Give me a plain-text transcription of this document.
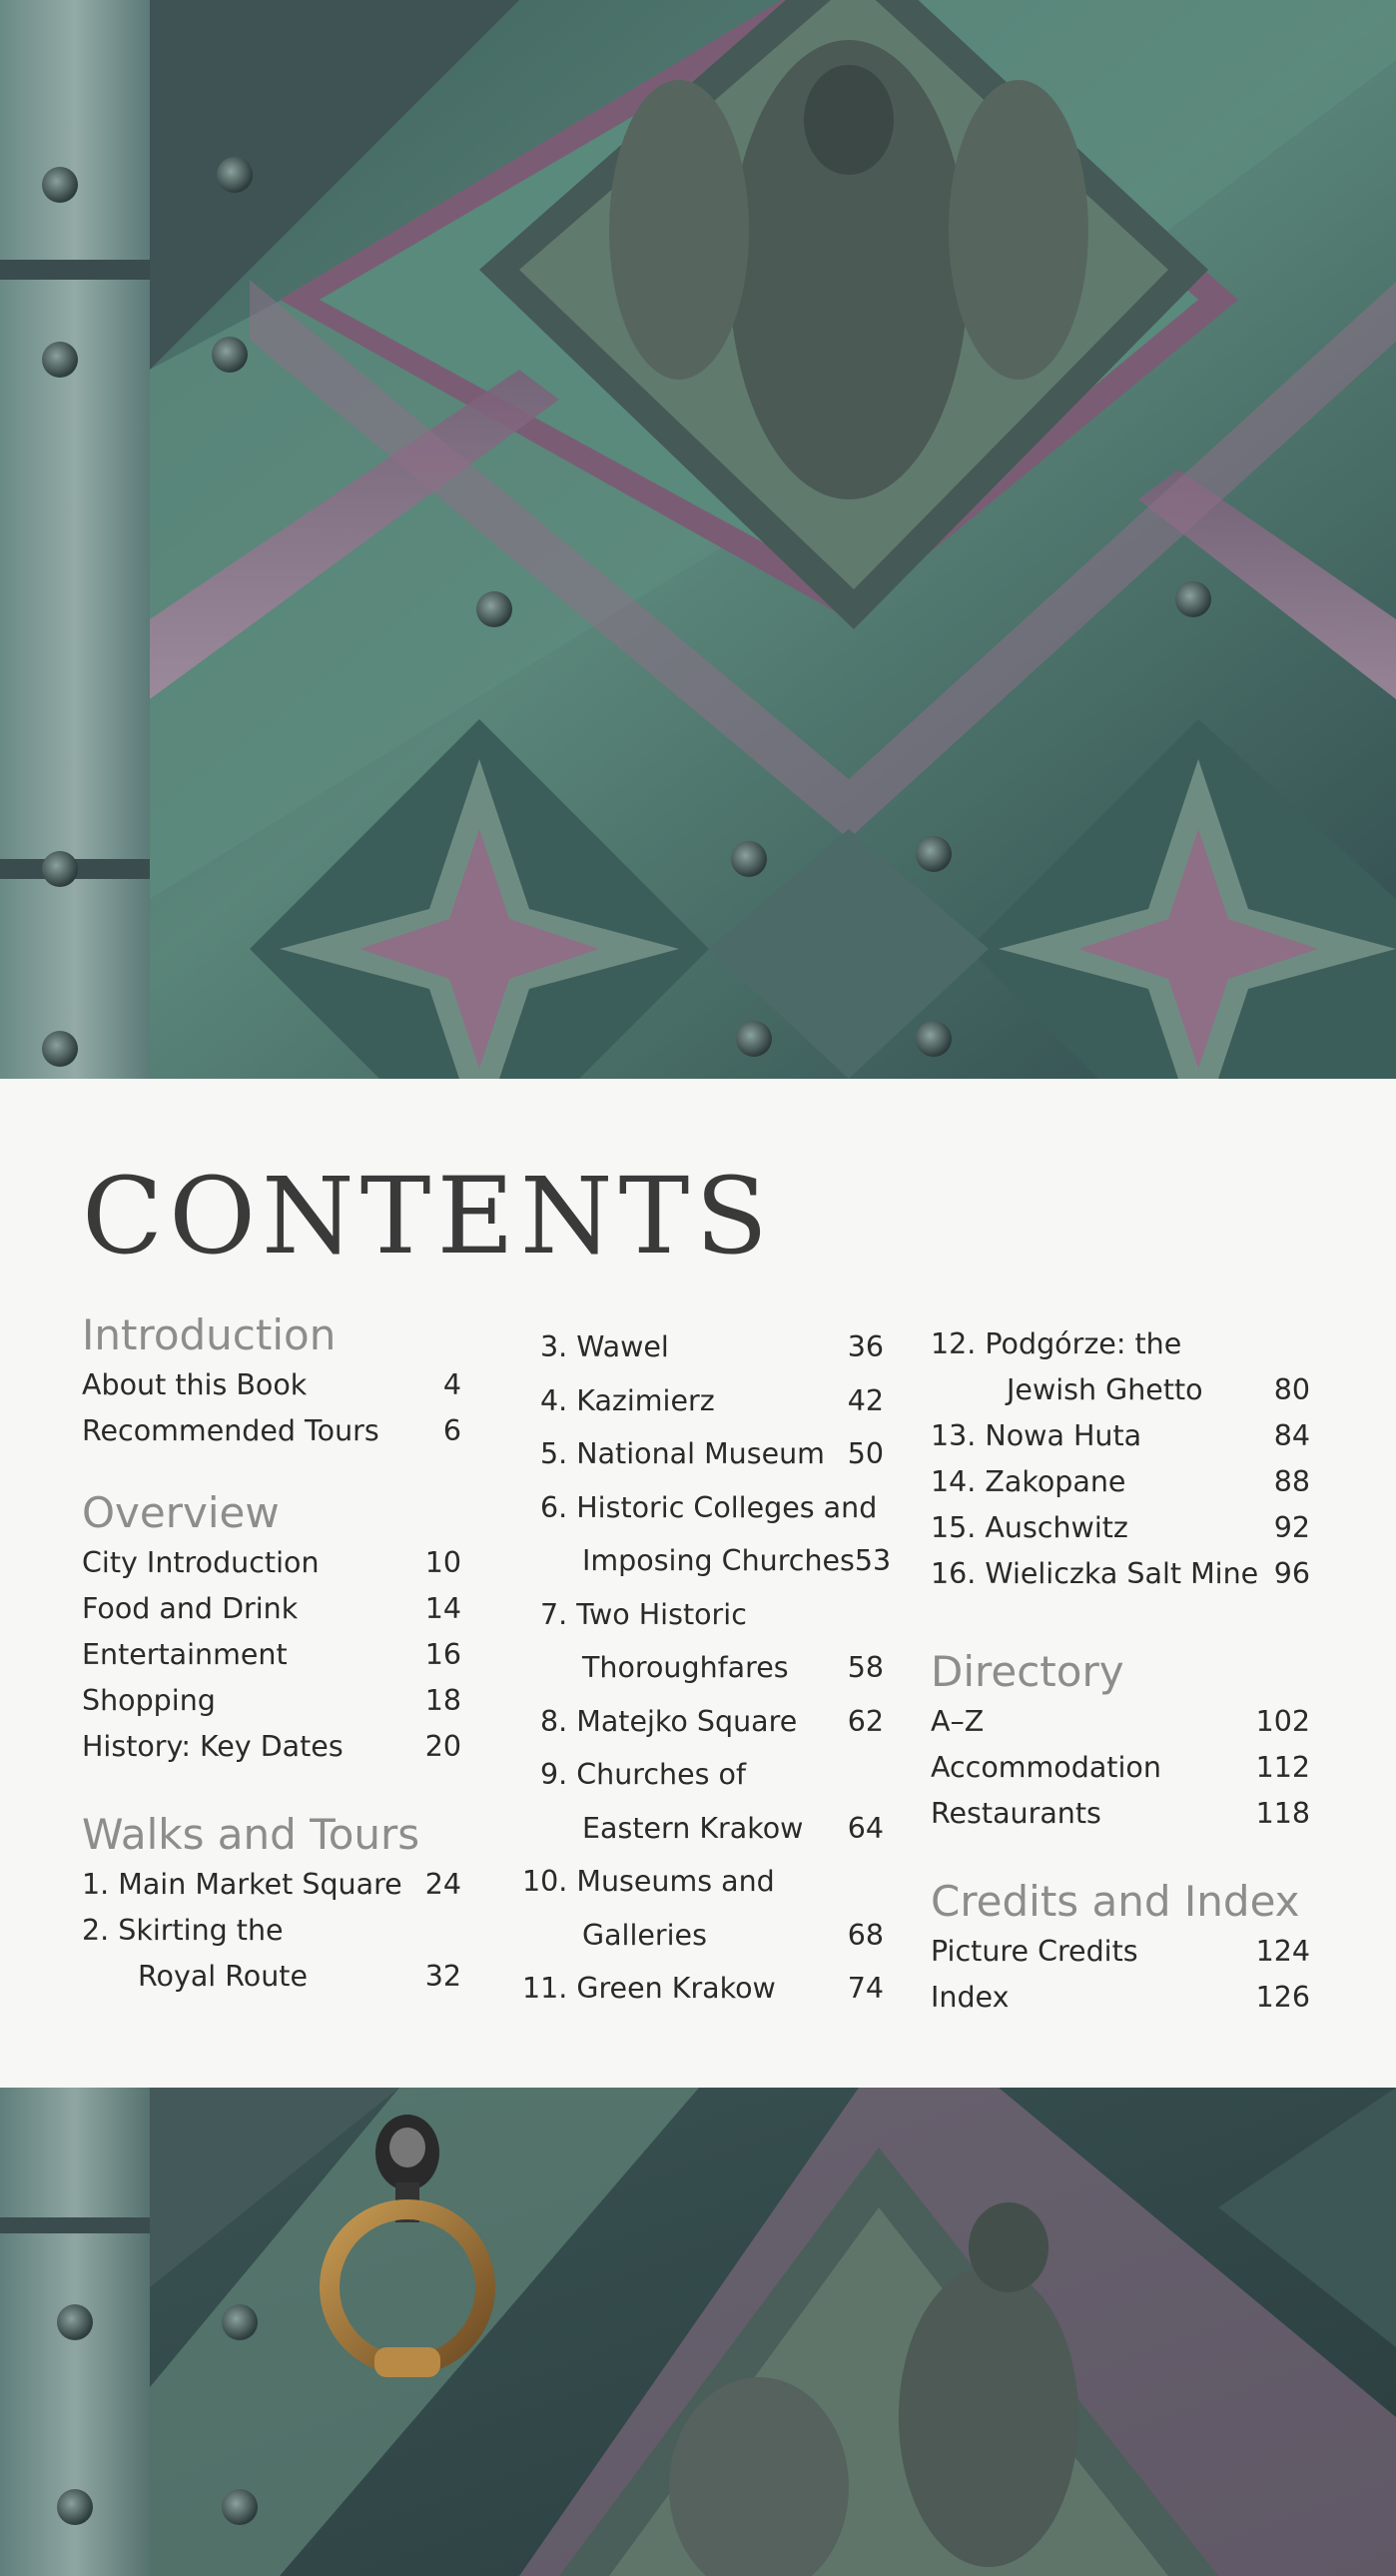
CONTENTS
Introduction
About this Book	4
Recommended Tours 6
Overview
City Introduction	10
Food and Drink	14
Entertainment	16
Shopping	18
History: Key Dates	20
Walks and Tours
1. Main Market Square 24
2. Skirting the
Royal Route	32
3. Wawel	36
4. Kazimierz	42
5. National Museum 50
6. Historic Colleges and
Imposing Churches 53
7. Two Historic
Thoroughfares 58
8. Matejko Square 62
9. Churches of
Eastern Krakow 64
10. Museums and
Galleries	68
11. Green Krakow	74
12. Podgórze: the
Jewish Ghetto 80
13. Nowa Huta	84
14. Zakopane	88
15. Auschwitz	92
16. Wieliczka Salt Mine 96
Directory
A–Z	102
Accommodation	112
Restaurants	118
Credits and Index
Picture Credits	124
Index	126
